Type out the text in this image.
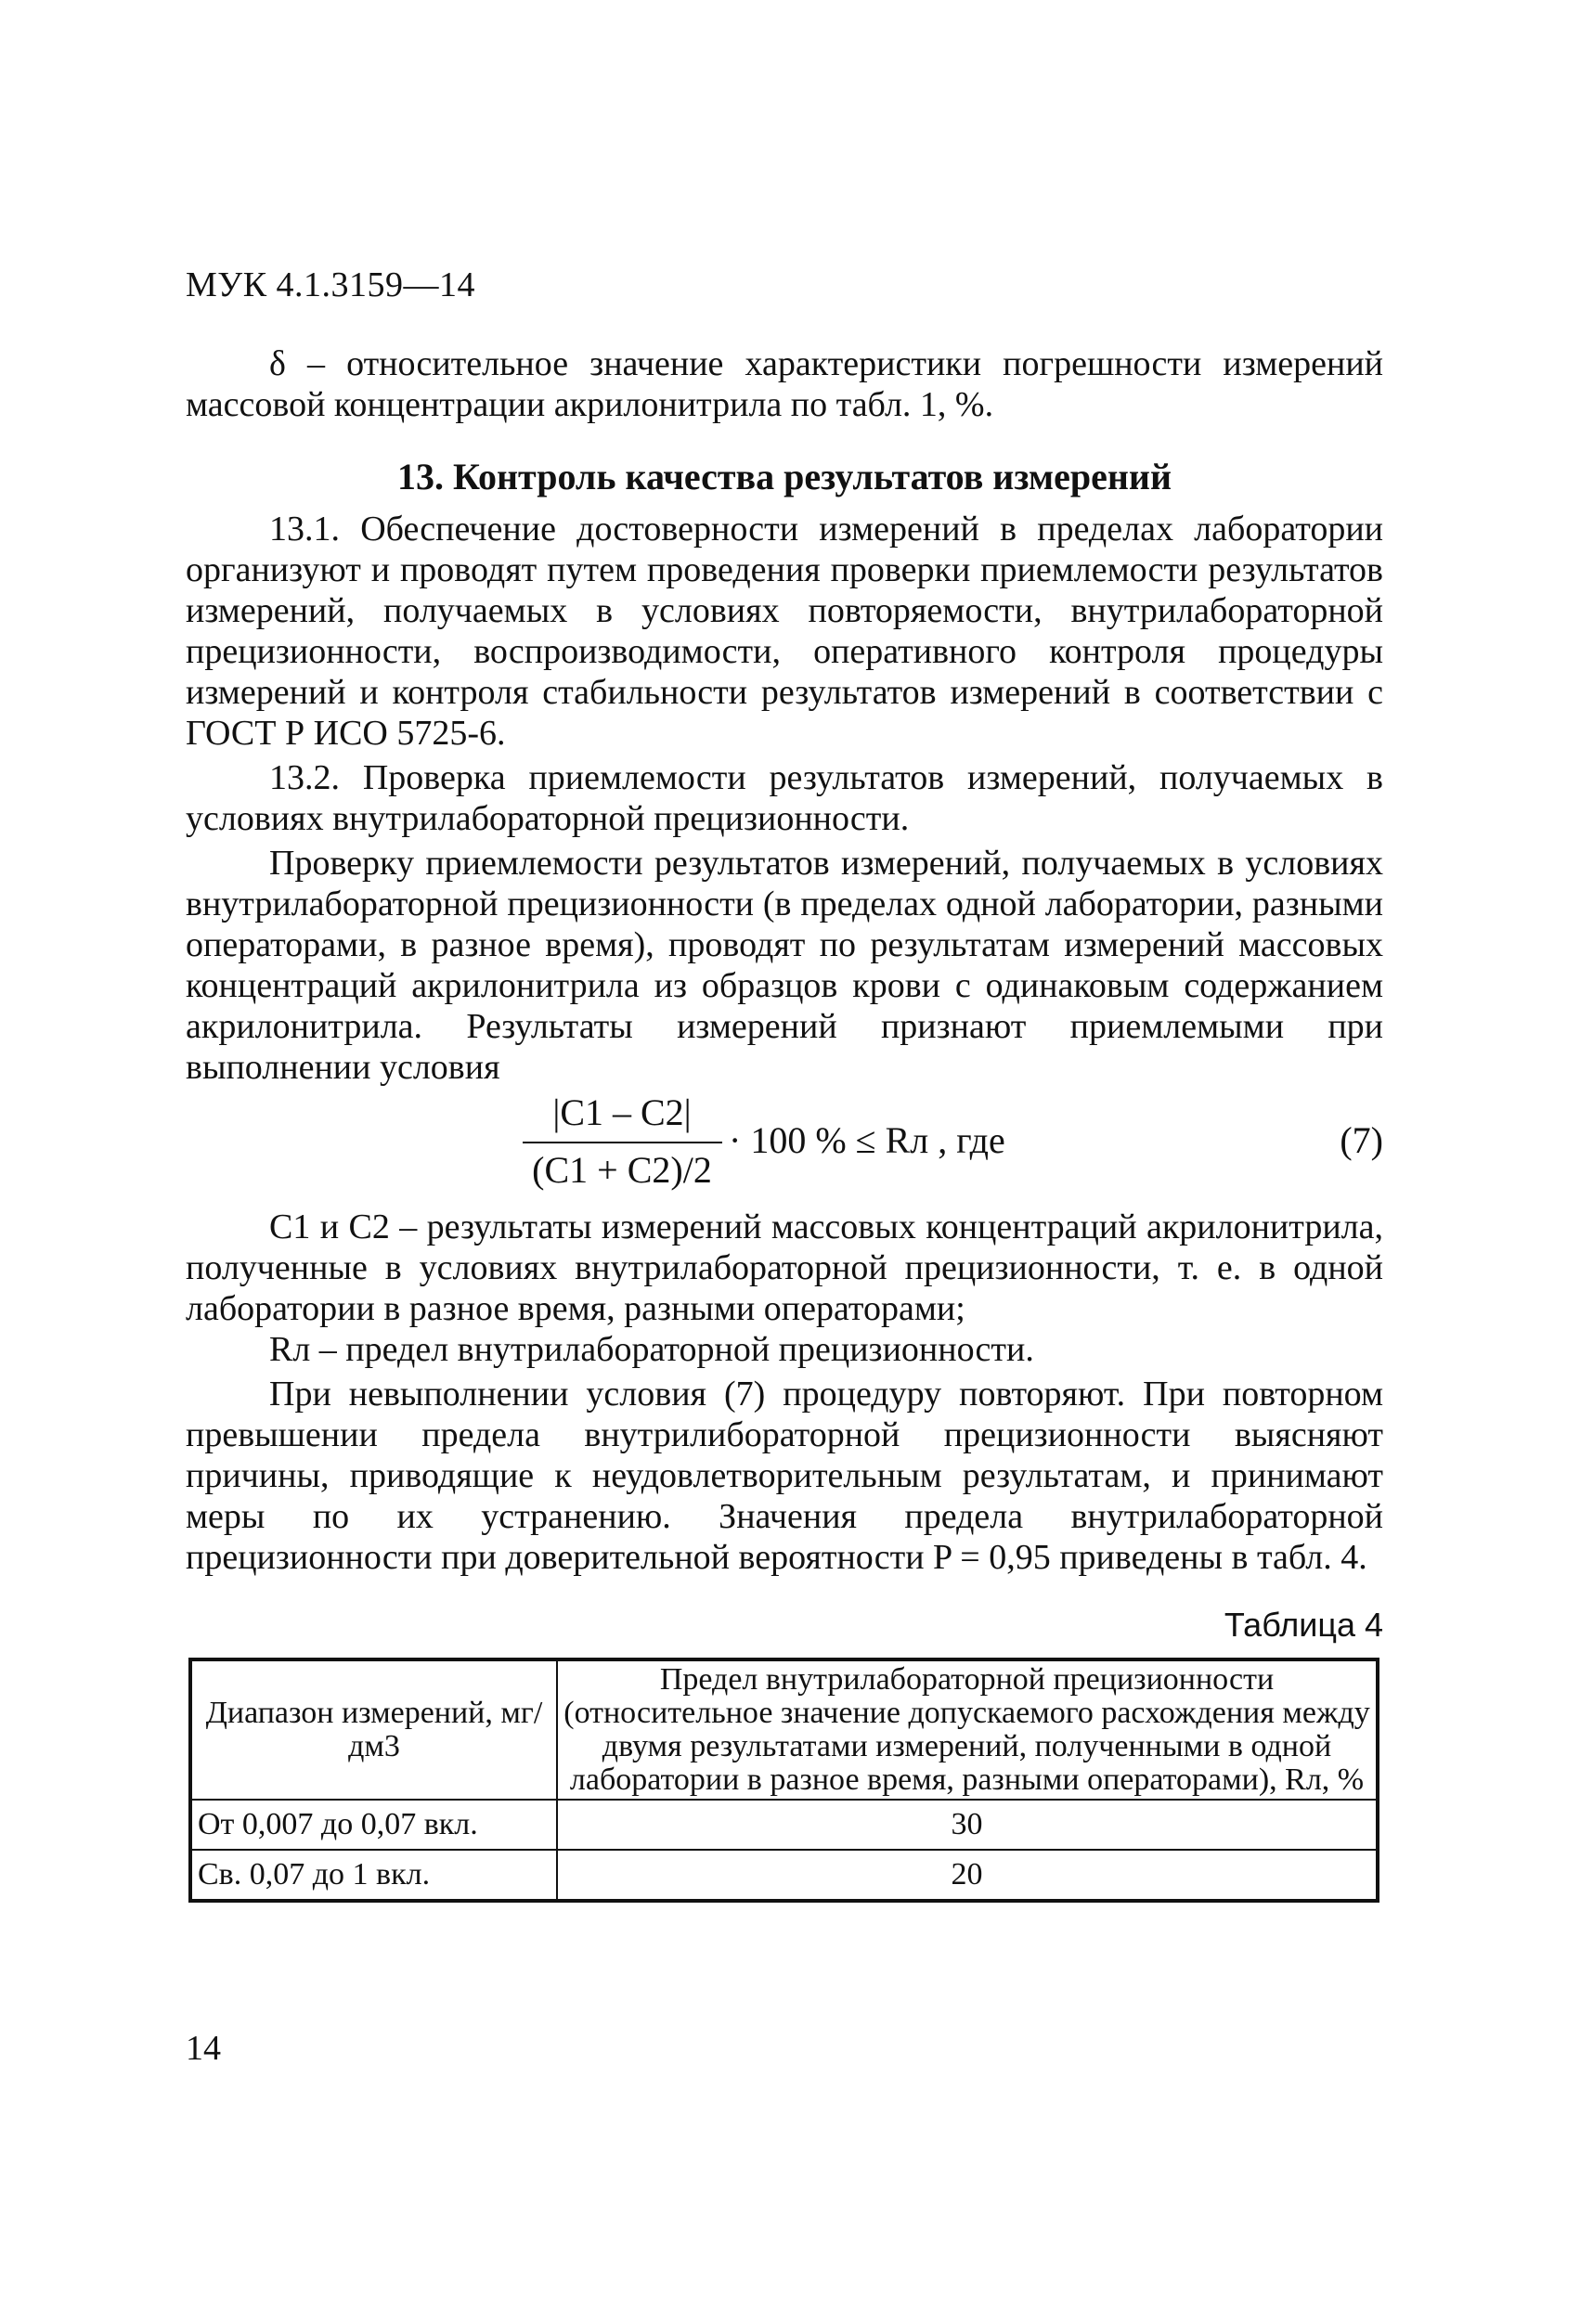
МУК 4.1.3159—14

δ – относительное значение характеристики погрешности измерений массовой концентрации акрилонитрила по табл. 1, %.

13. Контроль качества результатов измерений

13.1. Обеспечение достоверности измерений в пределах лаборатории организуют и проводят путем проведения проверки приемлемости результатов измерений, получаемых в условиях повторяемости, внутрилабораторной прецизионности, воспроизводимости, оперативного контроля процедуры измерений и контроля стабильности результатов измерений в соответствии с ГОСТ Р ИСО 5725-6.

13.2. Проверка приемлемости результатов измерений, получаемых в условиях внутрилабораторной прецизионности.

Проверку приемлемости результатов измерений, получаемых в условиях внутрилабораторной прецизионности (в пределах одной лаборатории, разными операторами, в разное время), проводят по результатам измерений массовых концентраций акрилонитрила из образцов крови с одинаковым содержанием акрилонитрила. Результаты измерений признают приемлемыми при выполнении условия

|C1 – C2|
(C1 + C2)/2
· 100 % ≤ Rл , где	(7)

C1 и C2 – результаты измерений массовых концентраций акрилонитрила, полученные в условиях внутрилабораторной прецизионности, т. е. в одной лаборатории в разное время, разными операторами;

Rл – предел внутрилабораторной прецизионности.

При невыполнении условия (7) процедуру повторяют. При повторном превышении предела внутрилибораторной прецизионности выясняют причины, приводящие к неудовлетворительным результатам, и принимают меры по их устранению. Значения предела внутрилабораторной прецизионности при доверительной вероятности P = 0,95 приведены в табл. 4.

Таблица 4
Диапазон измерений, мг/дм3	Предел внутрилабораторной прецизионности (относительное значение допускаемого расхождения между двумя результатами измерений, полученными в одной лаборатории в разное время, разными операторами), Rл, %
От 0,007 до 0,07 вкл.	30
Св. 0,07 до 1 вкл.	20
14
